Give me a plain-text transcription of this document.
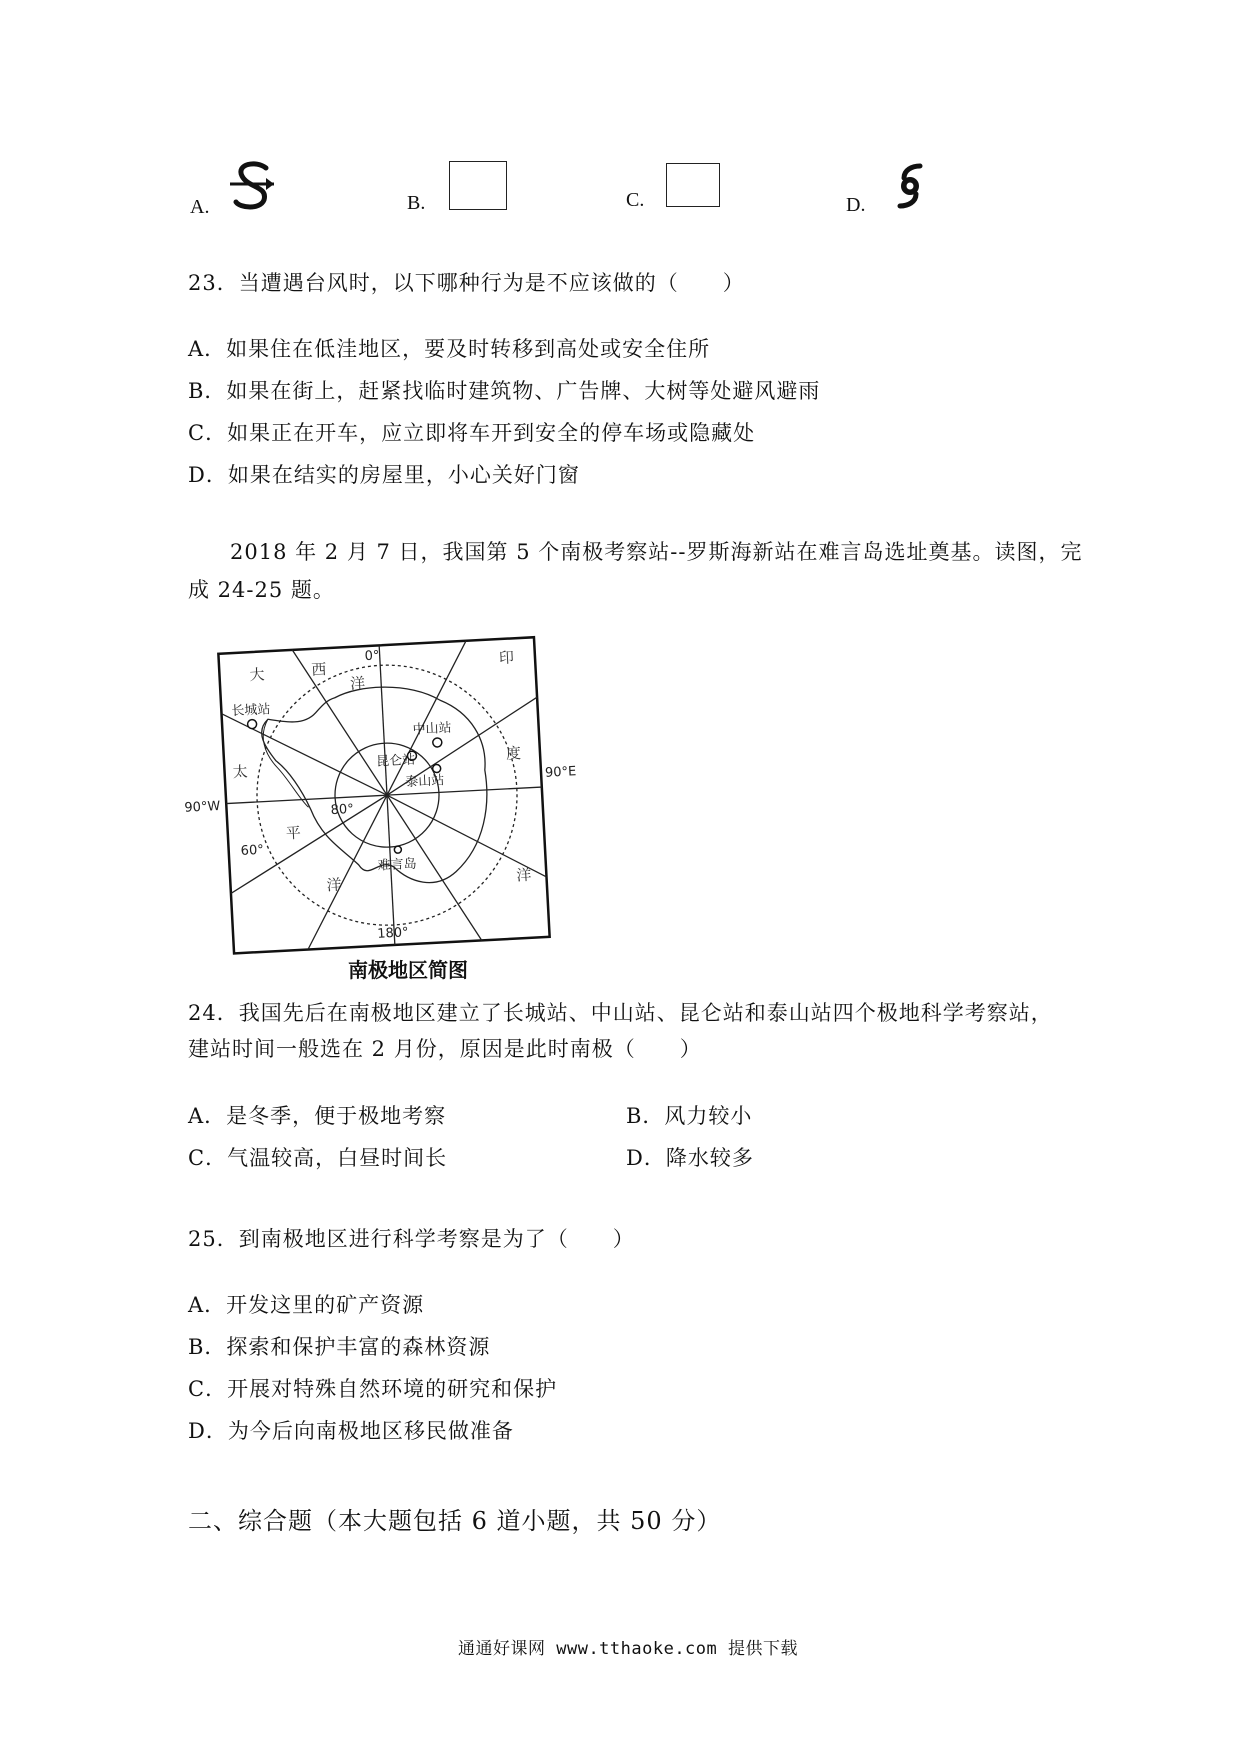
A.	B.	C.	D.
23．当遭遇台风时，以下哪种行为是不应该做的（　　）
A．如果住在低洼地区，要及时转移到高处或安全住所
B．如果在街上，赶紧找临时建筑物、广告牌、大树等处避风避雨
C．如果正在开车，应立即将车开到安全的停车场或隐藏处
D．如果在结实的房屋里，小心关好门窗
2018 年 2 月 7 日，我国第 5 个南极考察站--罗斯海新站在难言岛选址奠基。读图，完
成 24-25 题。
0°
90°W
90°E
180°
80°
60°
长城站
中山站
昆仑站
泰山站
难言岛
大	西
洋
太
平
洋
印
度
洋
南极地区简图
24．我国先后在南极地区建立了长城站、中山站、昆仑站和泰山站四个极地科学考察站，
建站时间一般选在 2 月份，原因是此时南极（　　）
A．是冬季，便于极地考察	B．风力较小
C．气温较高，白昼时间长	D．降水较多
25．到南极地区进行科学考察是为了（　　）
A．开发这里的矿产资源
B．探索和保护丰富的森林资源
C．开展对特殊自然环境的研究和保护
D．为今后向南极地区移民做准备
二、综合题（本大题包括 6 道小题，共 50 分）
通通好课网 www.tthaoke.com 提供下载
